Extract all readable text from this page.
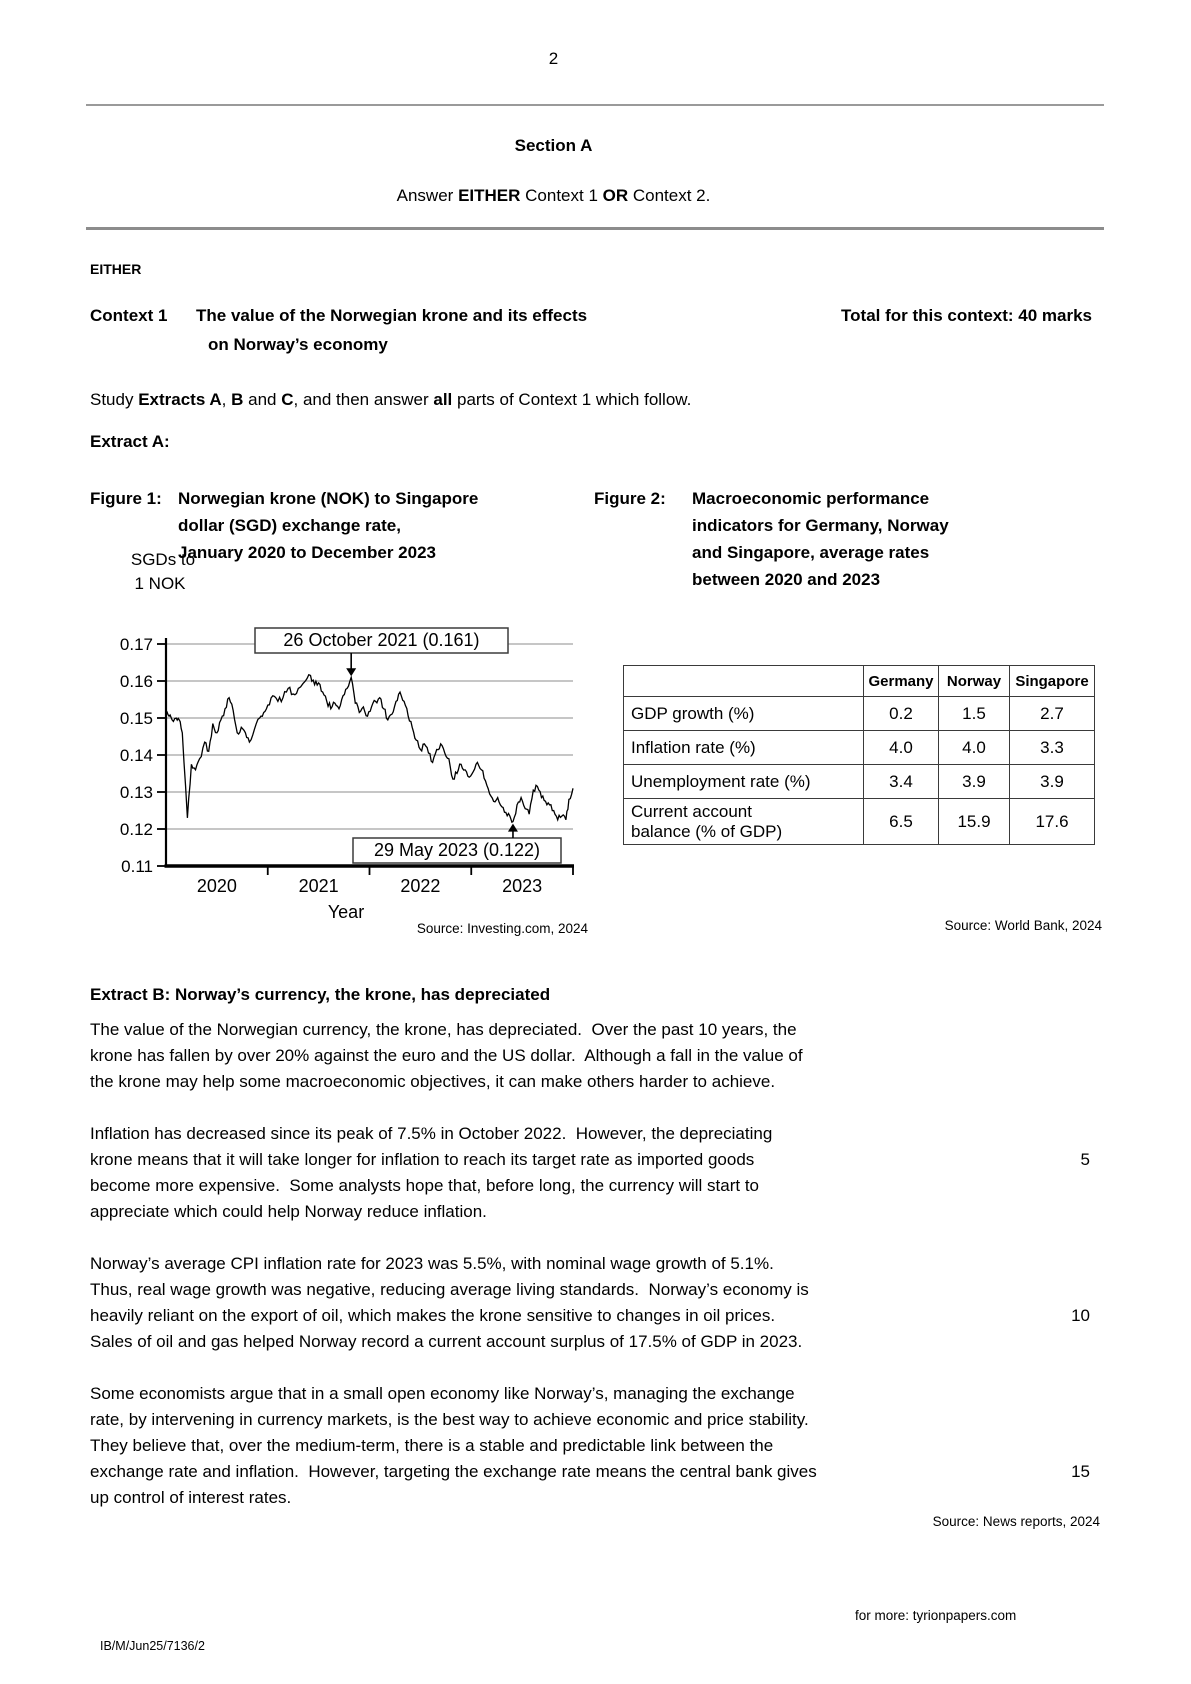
2
Section A
Answer EITHER Context 1 OR Context 2.
EITHER
Context 1 The value of the Norwegian krone and its effects
on Norway’s economy
Total for this context: 40 marks
Study Extracts A, B and C, and then answer all parts of Context 1 which follow.
Extract A:
Figure 1: Norwegian krone (NOK) to Singapore
dollar (SGD) exchange rate,
January 2020 to December 2023
Figure 2: Macroeconomic performance
indicators for Germany, Norway
and Singapore, average rates
between 2020 and 2023
0.17
0.16
0.15
0.14
0.13
0.12
0.11
2020	2021	2022	2023
26 October 2021 (0.161)
29 May 2023 (0.122)
SGDs to
1 NOK
Year
Source: Investing.com, 2024
	Germany	Norway	Singapore
GDP growth (%)	0.2	1.5	2.7
Inflation rate (%)	4.0	4.0	3.3
Unemployment rate (%)	3.4	3.9	3.9

Current account
balance (% of GDP)	6.5	15.9	17.6
Source: World Bank, 2024
Extract B: Norway’s currency, the krone, has depreciated
The value of the Norwegian currency, the krone, has depreciated.  Over the past 10 years, the
krone has fallen by over 20% against the euro and the US dollar.  Although a fall in the value of
the krone may help some macroeconomic objectives, it can make others harder to achieve.
Inflation has decreased since its peak of 7.5% in October 2022.  However, the depreciating
krone means that it will take longer for inflation to reach its target rate as imported goods
become more expensive.  Some analysts hope that, before long, the currency will start to
appreciate which could help Norway reduce inflation.
5
Norway’s average CPI inflation rate for 2023 was 5.5%, with nominal wage growth of 5.1%.
Thus, real wage growth was negative, reducing average living standards.  Norway’s economy is
heavily reliant on the export of oil, which makes the krone sensitive to changes in oil prices.
Sales of oil and gas helped Norway record a current account surplus of 17.5% of GDP in 2023.
10
Some economists argue that in a small open economy like Norway’s, managing the exchange
rate, by intervening in currency markets, is the best way to achieve economic and price stability.
They believe that, over the medium-term, there is a stable and predictable link between the
exchange rate and inflation.  However, targeting the exchange rate means the central bank gives
up control of interest rates.
15
Source: News reports, 2024
for more: tyrionpapers.com
IB/M/Jun25/7136/2
